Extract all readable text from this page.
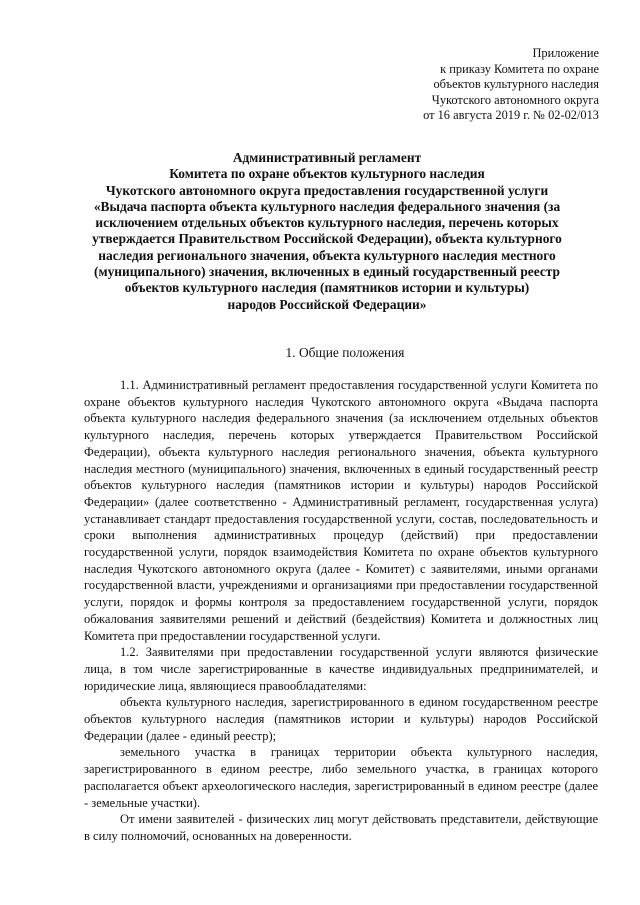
Приложение
к приказу Комитета по охране
объектов культурного наследия
Чукотского автономного округа
от 16 августа 2019 г. № 02-02/013
Административный регламент
Комитета по охране объектов культурного наследия
Чукотского автономного округа предоставления государственной услуги
«Выдача паспорта объекта культурного наследия федерального значения (за
исключением отдельных объектов культурного наследия, перечень которых
утверждается Правительством Российской Федерации), объекта культурного
наследия регионального значения, объекта культурного наследия местного
(муниципального) значения, включенных в единый государственный реестр
объектов культурного наследия (памятников истории и культуры)
народов Российской Федерации»
1. Общие положения

1.1. Административный регламент предоставления государственной услуги Комитета по охране объектов культурного наследия Чукотского автономного округа «Выдача паспорта объекта культурного наследия федерального значения (за исключением отдельных объектов культурного наследия, перечень которых утверждается Правительством Российской Федерации), объекта культурного наследия регионального значения, объекта культурного наследия местного (муниципального) значения, включенных в единый государственный реестр объектов культурного наследия (памятников истории и культуры) народов Российской Федерации» (далее соответственно - Административный регламент, государственная услуга) устанавливает стандарт предоставления государственной услуги, состав, последовательность и сроки выполнения административных процедур (действий) при предоставлении государственной услуги, порядок взаимодействия Комитета по охране объектов культурного наследия Чукотского автономного округа (далее - Комитет) с заявителями, иными органами государственной власти, учреждениями и организациями при предоставлении государственной услуги, порядок и формы контроля за предоставлением государственной услуги, порядок обжалования заявителями решений и действий (бездействия) Комитета и должностных лиц Комитета при предоставлении государственной услуги.

1.2. Заявителями при предоставлении государственной услуги являются физические лица, в том числе зарегистрированные в качестве индивидуальных предпринимателей, и юридические лица, являющиеся правообладателями:

объекта культурного наследия, зарегистрированного в едином государственном реестре объектов культурного наследия (памятников истории и культуры) народов Российской Федерации (далее - единый реестр);

земельного участка в границах территории объекта культурного наследия, зарегистрированного в едином реестре, либо земельного участка, в границах которого располагается объект археологического наследия, зарегистрированный в едином реестре (далее - земельные участки).

От имени заявителей - физических лиц могут действовать представители, действующие в силу полномочий, основанных на доверенности.
